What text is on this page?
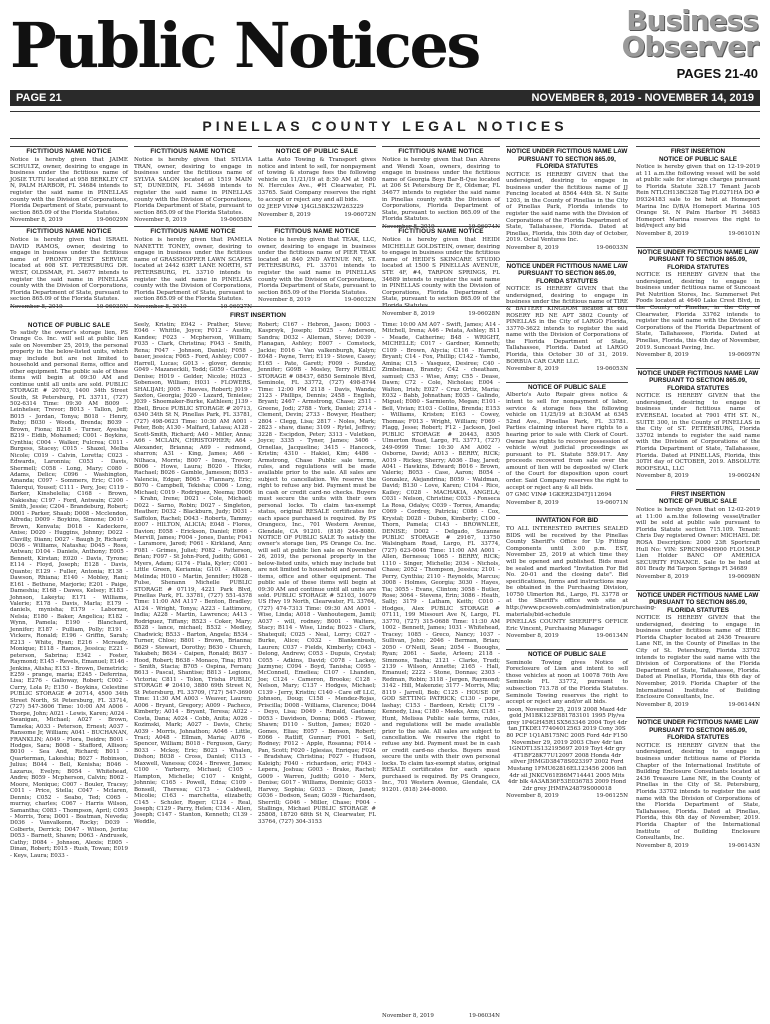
Public Notices	Business
Observer
PAGES 21-40
PAGE 21	NOVEMBER 8, 2019 - NOVEMBER 14, 2019
PINELLAS COUNTY LEGAL NOTICES
FICTITIOUS NAME NOTICE
Notice is hereby given that JAIME SCHULTZ, owner, desiring to engage in business under the fictitious name of JOSIE TUTU located at 958 BERKLEY CT N, PALM HARBOR, FL 34684 intends to register the said name in PINELLAS county with the Division of Corporations, Florida Department of State, pursuant to section 865.09 of the Florida Statutes.
November 8, 2019	19-06029N
FICTITIOUS NAME NOTICE
Notice is hereby given that SYLVIA TRAN, owner, desiring to engage in business under the fictitious name of SYLVIA SALON located at 1519 MAIN ST, DUNEDIN, FL 34698 intends to register the said name in PINELLAS county with the Division of Corporations, Florida Department of State, pursuant to section 865.09 of the Florida Statutes.
November 8, 2019	19-06058N
NOTICE OF PUBLIC SALE
Latta Auto Towing & Transport gives notice and intent to sell, for nonpayment of towing & storage fees the following vehicle on 11/21/19 at 8:30 AM at 1680 N. Hercules Ave., #H Clearwater, FL 33765. Said Company reserves the right to accept or reject any and all bids.
02 JEEP VIN# 1J4GL58K32W263229
November 8, 2019	19-06072N
FICTITIOUS NAME NOTICE
Notice is hereby given that Dan Ahrens and Wendi Xoan, owners, desiring to engage in business under the fictitious name of Georgia Boys Bar-B-Que located at 206 St Petersburg Dr E, Oldsmar, FL 34677 intends to register the said name in Pinellas county with the Division of Corporations, Florida Department of State, pursuant to section 865.09 of the Florida Statutes.
November 8, 2019	19-06074N
FICTITIOUS NAME NOTICE
Notice is hereby given that ISRAEL DAVID RAMOS, owner, desiring to engage in business under the fictitious name of PRONTO PEST SERVICE located at 608 ST. PETERSBURG DR. WEST, OLDSMAR, FL 34677 intends to register the said name in PINELLAS county with the Division of Corporations, Florida Department of State, pursuant to section 865.09 of the Florida Statutes.
FICTITIOUS NAME NOTICE
Notice is hereby given that PAMELA NANETTE TONEY, owner, desiring to engage in business under the fictitious name of GRASSHOPPER LAWN SCAPES located at 2442 63RT LANE NORTH, ST PETERSBURG, FL 33710 intends to register the said name in PINELLAS county with the Division of Corporations, Florida Department of State, pursuant to section 865.09 of the Florida Statutes.
FICTITIOUS NAME NOTICE
Notice is hereby given that TEAK, LLC, owner, desiring to engage in business under the fictitious name of PIER TEAK located at 840 2ND AVENUE NE, ST. PETERSBURG, FL 33701 intends to register the said name in PINELLAS county with the Division of Corporations, Florida Department of State, pursuant to section 865.09 of the Florida Statutes.
November 8, 2019	19-06032N
FICTITIOUS NAME NOTICE
Notice is hereby given that HEIDI MICHELLE GOLDSTEIN, owner, desiring to engage in business under the fictitious name of HEIDI'S SKINCARE STUDIO located at 1500 S PINELLAS AVENUE, STE 4F, #4, TARPON SPRINGS, FL 34689 intends to register the said name in PINELLAS county with the Division of Corporations, Florida Department of State, pursuant to section 865.09 of the
November 8, 2019	19-06028N
FIRST INSERTION
NOTICE OF PUBLIC SALE

To satisfy the owner's storage lien, PS Orange Co. Inc. will sell at public lien sale on November 25, 2019, the personal property in the below-listed units, which may include but are not limited to household and personal items, office and other equipment. The public sale of these items will begin at 09:30 AM and continue until all units are sold. PUBLIC STORAGE # 20703, 1400 34th Street South, St Petersburg, FL 33711, (727) 502-6314 Time: 09:30 AM B009 - Leinhelser, Trevor; B013 - Tallon, Jeff; B015 - Jordan, Tonya; B018 - Henry, Ruby; B030 - Woods, Brenda; B039 - Brown, Fiona; B218 - Turner, Ayesha; B219 - Eldib, Mohamed; C001 - Boykins, Cynthia; C004 - Walker, Fulcrea; C011 - Burgess, Stacey; C015 - Shazel, Melba Nicole; C019 - Calvin, Loretta; C023 - Edwards, Laronnia; C053 - Davis, Shermell; C058 - Long, Mary; C080 - Adams, Delice; C096 - Washington, Amanda; C097 - Sommers, Eric; C106 - Talerqui, Yousef; C111 - Pery, Joe; C119 - Barker, Kinshelelia; C168 - Brown, Nakiesha; C197 - Ford, Antwain; C200 - Smith, Jessie; C204 - Brandeburg, Robert; D001 - Parker, Shaab; D008 - Mcclendon, Alfreda; D009 - Boykins, Simone; D010 - Brown, Kenvata; D018 - Kadeckere, Anise; D020 - Huggins, Johnny; D022 - Clavilly, Diann; D027 - Baugh Jr, Richard; D036 - Williams, Natasha; D045 - Ross, Antwan; D104 - Daniels, Anthony; E005 - Bennett, Kirstan; E020 - Davis, Tyrone; E114 - Floyd, Joseph; E128 - Davis, Quante; E129 - Fuller, Antonia; E138 - Dawson, Rhiana; E140 - Mobley, Rani; E161 - Bethune, Marjorie; E201 - Paige, Dameshia; E168 - Dawes, Kelsey; E183 - Johnson, Lakeyta; E171 - Williams, Valerie; E178 - Davis, Marla; E179 - daniels, mynisha; E179 - Laborner, Nelsia; E180 - Baker, Angelica; E182 - Wynn, Pamela; E190 - Blanchard, Jennifer; E187 - Pulliam, Polly; E191 - Vickers, Ronald; E196 - Griffin, Sarah; E213 - White, Ryan; E216 - Mcready, Monique; E118 - Ramos, Jessica; E221 - peterson, Sabrina; E342 - Foster, Raymond; E145 - Revels, Emanuel; E146 - Jenkins, Alisha; E153 - Brown, Demetrick; E259 - prange, maria; E245 - Deferrina, Lisa; E276 - Galloway, Robert; C002 - Curry, Lola P.; E150 - Boykins, Celestine PUBLIC STORAGE # 20714, 4500 34th Street North, St Petersburg, FL 33714, (727) 547-3606 Time: 10:00 AM A006 - Thorpe, John; A021 - Lewis, Karen; A024 - Swanigan, Michael; A027 - Brown, Tameka; A033 - Peterson, Ernest; A037 - Ransome Jr, William; A041 - BUCHANAN, FRANKLIN; A049 - Flora, Deidre; B001 - Hodges, Sara; B008 - Stafford, Allison; B010 - Sea And, Richard; B011 - Quarterman, Lakeshia; B027 - Robinson, Julius; B044 - Bell, Kenisha; B046 - Lazarus, Evelyn; B054 - Whitehead, Andre; B059 - Mcpherson, Calvin; B062 - Moore, Monique; C007 - Bouler, Tracey; C011 - Price, Stella; C047 - Mclaren, Dennis; C052 - Seabo, Ted; C065 - murray, charles; C067 - Harris Wilson, Samantha; C083 - Thompson, April; C093 - Morris, Tora; D001 - Boatman, Neveda; D036 - Vanvalkenn, Rocky; D039 - Colberts, Derrick; D047 - Wilson, Jerita; D053 - Barnett, Shawn; D063 - Andrusek, Cathy; D084 - Johnson, Alexis; E005 - Dinan, Robert; E015 - Rush, Towan; E019 - Keys, Laura; E033 -

Seely, Kristin; E042 - Prather, Steve; E046 - Whittle, Joyce; F012 - Austin, Kandee; F023 - Mcpherson, William; F035 - Clark, Christina; F043 - Smith, Rena; F047 - Johnson, Daniel; F058 - bauer, jessica; F065 - Ford, Ashley; C007 - Harrell, Lucas; G013 - glover, dennis; G049 - Mazaneckili, Todd; G059 - Cardee, Denise; H019 - Gelder, Nicole; H023 - Sobenson, William; H031 - FLOWERS, SHALIJAH; J005 - Reeves, Robert; J019 - Saxton, Georgia; J020 - Lazard, Tenielee; J039 - Shoemaker-Burke, Kathleen; J139 - Ebell, Bruce PUBLIC STORAGE # 20713, 6340 34th St N, Pinellas Park, FL 33781, (727) 498-0623 Time: 10:30 AM A001 - Peter, Bob; A130 - Malfard, Latasa; A128 - Scott-Smith, Richard; A40 - Miller, Anna; A66 - MCLAIN, CHRISTOPHER; A64 - Alexander, Brianna; A69 - redmond, sharron; A31 - King, James; A66 - Nilhaca, Morris; B007 - Imes, Trevor; B006 - Howe, Laura; B020 - Hicks, Rachael; B026 - Gamble, Jameson; B053 - Valencia, Edgar; B065 - Flannary, Eric; B070 - Campbell, Tekisha; C006 - Long, Michael; C019 - Rodriguez, Neema; D006 - Krahn, Irene; D021 - Cole, Michael; D022 - Sarno, Robin; D027 - Singleton, Heather; D032 - Blackburn, Judy; D031 - Saffolon, Rachel; D043 - Roberts, Tammy; E007 - HILTON, ALICIA; E048 - Flores, Davion; E058 - Erickson, Daniel; E066 - Mervill, James; F004 - Jones, Dante; F041 - Laramore, Jared; F061 - Kirkland, Ann; F081 - Grimes, Juliet; F082 - Patterson, Brian; F097 - St John-Ford, Judith; G061 - Myers, Adam; G174 - Fiala, Kyler; C001 - Little Green, Keriamia; G101 - Allison, Melinda; H010 - Martin, Jennifer; H028 - Fulse, Shenann Michelle PUBLIC STORAGE # 07119, 4221 Park Blvd, Pinellas Park, FL 33781, (727) 551-4378 Time: 11:00 AM A117 - Benton, Bradley; A124 - Wright, Tonya; A223 - Lattimore, India; A228 - Martin, Lawrence; A413 - Rodriguez, Tiffany; B523 - Coker, Mary; B528 - lance, michael; B532 - Medley, Chadwick; B533 - Barton, Angela; B534 - Turner, Chloe; B801 - Brown, Brianna; B629 - Stewart, Dorothy; B630 - Church, Yakabeh; B634 - Caipen, Ronald; B637 - Hood, Robert; B638 - Monaco, Tina; B701 - Smith, Stacia; B705 - Ospina, Fernan; B613 - Pascal, Shantise; B813 - Legions, Victoria; C811 - Tolon, Trisha PUBLIC STORAGE # 20410, 3880 69th Street N, St Petersburg, FL 33709, (727) 547-3690 Time: 11:30 AM A003 - Weaver, Lauren; A006 - Bryant, Gregory; A009 - Pacheco, Kimberly; A014 - Bryant, Teresa; A022 - Costa, Dana; A024 - Cobb, Anita; A026 - Kozimski, Mark; A027 - Davis, Chris; A039 - Morris, Johnathon; A046 - Little, Traci; A048 - Ellman, Maria; A076 - Spencer, William; B018 - Ferguson, Gary; B033 - Mckoy, Eric; B023 - Whalen, Dishon; B038 - Cross, Daniel; C113 - Maxwell, Vanessa; C024 - Brewer, James; C100 - Yarberry, Michael; C105 - Hampton, Michelle; C107 - Knight, Johnnie; C165 - Powell, Edna; C109 - Bonsell, Theresa; C173 - Caldwell, Micolie; C163 - marchetta, elizabeth; C145 - Schuler, Roger; C124 - Real, Joseph; C129 - Parry, Helen; C134 - Allen, Joseph; C147 - Stanton, Kenneth; C139 - Weddle,

Robert; C167 - Hebron, Jason; D003 - Kasprsyk, Joseph; D025 - Anderson, Sandra; D032 - Alleman, Steve; D039 - Flanagan, Ashley; E007 - Comstock, Jackie; E016 - Van valkenburgh, Kalyn; E048 - Payne, Terri; E119 - Stowe, Casey; E165 - Pate, Garett; F009 - Sunday, Jennifer; G09B - Mosley, Terry PUBLIC STORAGE # 08437, 6850 Seminole Blvd, Seminole, FL 33772, (727) 498-8744 Time: 12:00 PM 2118 - Davis, Wanda; 2123 - Phillips, Dennis; 2458 - English, Bryant; 2467 - Armstrong, Chase; 2511 - Greene, Jodi; 2788 - York, Daniel; 2714 - Clement, Devin; 2733 - Bowyer, Heather; 2804 - Clegg, Lisa; 2817 - Noles, Mark; 2823 - shaw, diane; 3109 - Rytel, Jeffrey; 3228 - Escipdon, Peter; 3313 - Vuletkon, Joyce; 3335 - Tyner, James; 3406 - Ornellas, Jacqueline; 3415 - Hancock, Kristin; 4310 - Hakiel, Kim; 4486 - Armstrong, Chase Public sale terms, rules, and regulations will be made available prior to the sale. All sales are subject to cancellation. We reserve the right to refuse any bid. Payment must be in cash or credit card-no checks. Buyers must secure the units with their own personal locks. To claim tax-exempt status, original RESALE certificates for each space purchased is required. By PS Orangeco, Inc., 701 Western Avenue, Glendale, CA 91201. (818) 244-8080. NOTICE OF PUBLIC SALE To satisfy the owner's storage lien, PS Orange Co. Inc. will sell at public lien sale on November 26, 2019, the personal property in the below-listed units, which may include but are not limited to household and personal items, office and other equipment. The public sale of these items will begin at 09:30 AM and continue until all units are sold. PUBLIC STORAGE # 52103, 16079 US Hwy 19 North, Clearwater, FL 33764, (727) 474-7313 Time: 09:30 AM A001 - Wise, Linda; A018 - Vanhoutegem, Jamil; A037 - will, rodney; B001 - Walters, Stacy; B114 - Wise, Linda; B023 - Clark, Shatequil; C025 - Neal, Lorry; C027 - Burke, Alice; C032 - Blankenbush, Lauren; C037 - Fields, Kimberly; C043 - Delong, Andrew; C053 - Dupuis, Crystal; C055 - Adkins, David; C078 - Lackey, Jazmyne; C094 - Boyd, Tanisha; C095 - McConnell, Emeliea; C107 - Lhanden, Joe; C124 - Cameron, Brooke; C128 - Nelson, Mary; C137 - Hodges, Michael; C139 - Jerry, Kristin; C140 - Care off LLC, Johnson, Doug; C158 - Mendez-Rojas, Priscilla; D008 - Williams, Clarence; D044 - Deyo, Lisa; D049 - Ronald, Gaetano; D053 - Davidson, Donna; D065 - Flower, Shawn; D110 - Sutton, James; E020 - Gomes, Elias; E057 - Benson, Robert; E066 - Ratliff, Gunnar; F001 - Sell, Rodney; F012 - Apple, Rosanna; F014 - Pan, Scott; F020 - Iglesias, Enrique; F024 - Bradshaw, Christina; F027 - Hudson, Kaleigh; F040 - richardson, eric; F043 - Lepera, Joshua; G003 - Brake, Rachel; G009 - Warren, Judith; G010 - Merx, Denise; G017 - Williams, Dominic; G033 - Harvey, Sophia; G033 - Dixon, Janet; G036 - Dodson, Sean; G039 - Richardson, Sherrill; G046 - Miller, Chase; F004 - Stallings, Michael PUBLIC STORAGE # 25808, 18720 68th St N, Clearwater, FL 33764, (727) 304-3153

Time: 10:00 AM A07 - Swift, James; A14 - Mitchell, Irena; A46 - Pelata, Ashley; B11 - Meade, Catherine; B48 - WRIGHT, MICHELLE; C017 - Gardner, Kenneth; C109 - Brown, Alycia; C116 - Harrell, Bryant; C14 - Fox, Phillip; C142 - Yambo, Amina; C15 - Vasquez, Desiree; C40 - Zimbelman, Brandy; C42 - cheatham, samuel; C53 - Wise, Amy; C55 - Dease, Dawn; C72 - Cole, Nicholas; E004 - Walton, Irish; E027 - Cruz Ortiz, Maria; E032 - Babb, Johnathan; E035 - Galindo, Miguel; E080 - Sarmiento, Megan; E101 - Bell, Vivian; E103 - Collins, Brenda; E153 - Williams, Kristen; E163 - Cowey, Thomas; F013 - Wright, William; F069 - Flagg, Jesse; Robert; F12 - Jackson, Joel PUBLIC STORAGE # 20443, 8305 Ulmerton Road, Largo, FL 33771, (727) 249-0999 Time: 10:30 AM A002 - Osborne, David; A013 - BERRY, RICK; A019 - Rickey, Sherry; A036 - Day, Jared; A041 - Hawkins, Edward; B016 - Brown, Valerie; B053 - Case, Aaron; B054 - Gonzalez, Alejandrina; B059 - Waldman, David; B130 - Love, Karen; C104 - Rice, Kailey; C028 - MACHAKIA, ANGELA; C031 - Nelson, Christine; C033 - Fonseca La Rosa, Odalys; C039 - Torres, Amanda; C069 - Cordrey, Patricia; C086 - Cox, Krystal; D028 - Dubon, Kimberly; C100 - Thorn, Pamela; C143 - BROWNLEE, DENISE; D002 - Delgado, Suzanne PUBLIC STORAGE # 29167, 13750 Walsingham Road, Largo, FL 33774, (727) 623-0046 Time: 11:00 AM A001 - Allen, Bernessa; 1065 - BERRY, RICK; 1110 - Singer, Michelle; 2034 - Nichols, Chase; 2052 - Thompson, Jessica; 2101 - Perry, Cynthia; 2110 - Reynolds, Marcus; 3008 - Holmes, Georgia; 3030 - Hayes, Tia; 3055 - Evans, Clinton; 3058 - Butler, Rose; 3064 - Stevens, Erin; 3086 - Heath, Sally; 3179 - Latham, Keith; C010 - Hodges, Alex PUBLIC STORAGE # 07111, 199 Missouri Ave N, Largo, FL 33770, (727) 315-0688 Time: 11:30 AM 1002 - Bennett, James; 1031 - Whitehead, Tracey; 1085 - Greco, Nancy; 1037 - Sullivan, John; 2046 - Berman, Brian; 2050 - O'Neill, Sean; 2054 - Buoughs, Ryan; 2061 - Saste, Arleen; 2118 - Simmons, Tasha; 2121 - Clarke, Trudi; 2139 - Wilson, Annette; 2165 - Hall, Emanuel; 2222 - Stone, Donnas; 2303 - Redman, Robin; 3118 - Jergen, Raymond; 3142 - Hill, Makenzie; 3177 - Morris, Mia; 8119 - Jarrell, Bob; C125 - HOUSE OF GOD SETTING PATRICK; C130 - pope, lashay; C153 - Bardeen, Kristi; C179 - Kennedy, Lisa; C180 - Meeks, Ann; C181 - Hunt, Melissa Public sale terms, rules, and regulations will be made available prior to the sale. All sales are subject to cancellation. We reserve the right to refuse any bid. Payment must be in cash or credit card-no checks. Buyers must secure the units with their own personal locks. To claim tax-exempt status, original RESALE certificates for each space purchased is required. By PS Orangeco, Inc., 701 Western Avenue, Glendale, CA 91201. (818) 244-8080.

November 8, 2019	19-06034N
NOTICE UNDER FICTITIOUS NAME LAW PURSUANT TO SECTION 865.09, FLORIDA STATUTES
NOTICE IS HEREBY GIVEN that the undersigned, desiring to engage in business under the fictitious name of JJ Fencing located at 8564 44th St. N Suite 1203, in the County of Pinellas in the City of Pinellas Park, Florida intends to register the said name with the Division of Corporations of the Florida Department of State, Tallahassee, Florida. Dated at Pinellas, Florida, this 30th day of October, 2019. Octal Ventures Inc.
November 8, 2019	19-06033N
NOTICE UNDER FICTITIOUS NAME LAW PURSUANT TO SECTION 865.09, FLORIDA STATUTES
NOTICE IS HEREBY GIVEN that the undersigned, desiring to engage in business under the fictitious name of TIRE & BATTERY KINGDOM located at 601 ROSERY RD NE APT 3802 County of PINELLAS in the City of LARGO Florida, 33770-3622 intends to register the said name with the Division of Corporations of the Florida Department of State, Tallahassee, Florida. Dated at LARGO Florida, this October 30 of 31, 2019. BORBUA CAR CARE LLC.
November 8, 2019	19-06053N
NOTICE OF PUBLIC SALE
Alberto's Auto Repair gives notice & intent to sell for nonpayment of labor, service & storage fees the following vehicle on 11/25/19 at 8:30AM at 6345 52nd Ave., Pinellas Park, FL 33781. Parties claiming interest have rights to a hearing prior to sale with Clerk of Court. Owner has rights to recover possession of vehicle w/out judicial proceedings as pursuant to FL Statute 559.917. Any proceeds recovered from sale over the amount of lien will be deposited w/ Clerk of the Court for disposition upon court order. Said Company reserves the right to accept or reject any & all bids.
07 GMC VIN# 1GKER23D47J112694
November 8, 2019	19-06071N
INVITATION FOR BID
TO ALL INTERESTED PARTIES SEALED BIDS will be received by the Pinellas County Sheriff's Office for Up Fitting Components until 3:00 p.m. EST, November 25, 2019 at which time they will be opened and published. Bids must be sealed and marked "Invitation For Bid No. 20-01 and the closing date". Bid specifications, forms and instructions may be obtained in the Purchasing Division, 10750 Ulmerton Rd., Largo, FL 33778 or at the Sheriff's office web site at http://www.pcsoweb.com/administration/purchasing-materials/bid-schedule
PINELLAS COUNTY SHERIFF'S OFFICE Eric Vincent, Purchasing Manager
November 8, 2019	19-06134N
NOTICE OF PUBLIC SALE
Seminole Towing gives Notice of Foreclosure of Lien and intent to sell those vehicles at noon at 10078 76th Ave Seminole FL 33772, pursuant to subsection 713.78 of the Florida Statutes. Seminole Towing reserves the right to accept or reject any and/or all bids.
noon, November 25, 2019 2008 Mazd 4dr gold JM1BK123F881783101 1995 Ply/va grey 1P4GH45R1SX563346 2004 Toyt 4dr tan JTKDE177404012563 2019 Cony 30S 80 PCF 1Q1AB175NC 2005 Ford 4dr F150 November 29, 2019 2003 Chev 4dr tan 1GNDT13S132195697 2019 Toyt 4dr gry 4T1BF28K77U12097 2008 Honda 4dr silver JHMGD38478S023397 2002 Ford Mustang 1FMU62816EL123456 2006 Infi 4dr sil JNKCV61E86M714441 2005 Mits 4dr blk 4A3AB36F53E036783 2009 Hond 2dr grey JHMFA24879S000018
November 8, 2019	19-06125N
FIRST INSERTION
NOTICE OF PUBLIC SALE
Notice is hereby given that on 12-19-2019 at 11 a.m.the following vessel will be sold at public sale for storage charges pursuant to Florida Statute 328.17 Tenant Jacob Rein NTLCH138C328 Tag FL0271HA DO # D9324183 sale to be held at Homeport Marina Inc D/B/A Homeport Marina 105 Orange St. N Palm Harbor Fl 34683 Homeport Marina reserves the right to bid/reject any bid
November 8, 2019	19-06101N
NOTICE UNDER FICTITIOUS NAME LAW PURSUANT TO SECTION 865.09, FLORIDA STATUTES
NOTICE IS HEREBY GIVEN that the undersigned, desiring to engage in business under fictitious name of Suncoast Pet Nutrition Stores, Inc. Summerset Pet Foods located at 4640 Lake Crest Blvd, in the County of Pinellas, in the City of Clearwater, Florida 33762 intends to register the said name with the Division of Corporations of the Florida Department of State, Tallahassee, Florida. Dated at Pinellas, Florida, this 4th day of November, 2019. Suncoast Paving, Inc.
November 8, 2019	19-06097N
NOTICE UNDER FICTITIOUS NAME LAW PURSUANT TO SECTION 865.09, FLORIDA STATUTES
NOTICE IS HEREBY GIVEN that the undersigned, desiring to engage in business under fictitious name of EVERSEAL located at 7901 4TH ST. N., SUITE 300, in the County of PINELLAS in the City of ST. PETERSBURG, Florida 33702 intends to register the said name with the Division of Corporations of the Florida Department of State, Tallahassee, Florida. Dated at PINELLAS, Florida, this 30TH day of OCTOBER, 2019. ABSOLUTE ROOFSEAL, LLC
November 8, 2019	19-06024N
FIRST INSERTION
NOTICE OF PUBLIC SALE
Notice is hereby given that on 12-02-2019 at 11:00 a.m.the following vessel/trailer will be sold at public sale pursuant to Florida Statute section 715.109. Tenant: Chris Day registered Owner: MICHAEL DE ROSA Description: 2000 23ft Sportcraft Hull No: VIN: SPRCN064H900 FLO156LP Lien Holder BANC OF AMERICA SECURITY FINANCE. Sale to be held at 801 Brady Rd Tarpon Springs Fl 34689
November 8, 2019	19-06098N
NOTICE UNDER FICTITIOUS NAME LAW PURSUANT TO SECTION 865.09, FLORIDA STATUTES
NOTICE IS HEREBY GIVEN that the undersigned, desiring to engage in business under fictitious name of IEBC Florida Chapter located at 2436 Treasure Lane NE, in the County of Pinellas in the City of St. Petersburg, Florida 33702 intends to register the said name with the Division of Corporations of the Florida Department of State, Tallahassee, Florida. Dated at Pinellas, Florida, this 6th day of November, 2019. Florida Chapter of the International Institute of Building Enclosure Consultants, Inc.
November 8, 2019	19-06144N
NOTICE UNDER FICTITIOUS NAME LAW PURSUANT TO SECTION 865.09, FLORIDA STATUTES
NOTICE IS HEREBY GIVEN that the undersigned, desiring to engage in business under fictitious name of Florida Chapter of the International Institute of Building Enclosure Consultants located at 2436 Treasure Lane NE, in the County of Pinellas in the City of St. Petersburg, Florida 33702 intends to register the said name with the Division of Corporations of the Florida Department of State, Tallahassee, Florida. Dated at Pinellas, Florida, this 6th day of November, 2019. Florida Chapter of the International Institute of Building Enclosure Consultants, Inc.
November 8, 2019	19-06143N
